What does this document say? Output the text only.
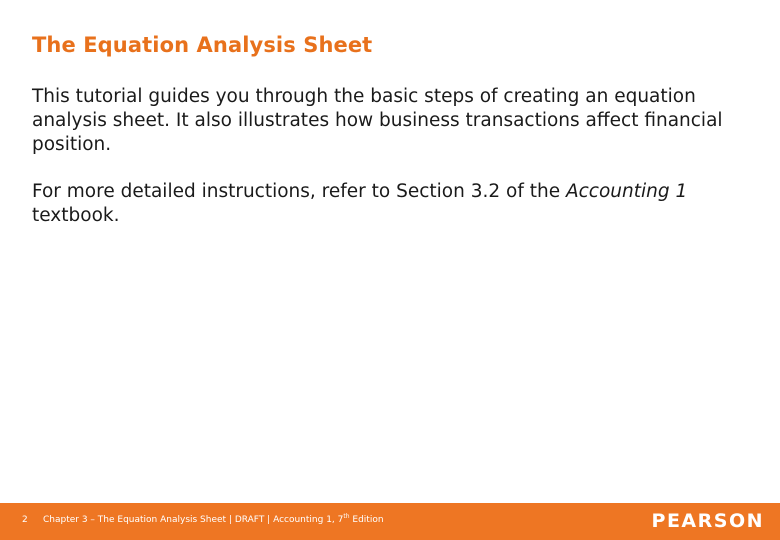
The Equation Analysis Sheet

This tutorial guides you through the basic steps of creating an equation analysis sheet. It also illustrates how business transactions affect financial position.

For more detailed instructions, refer to Section 3.2 of the Accounting 1 textbook.

2 Chapter 3 – The Equation Analysis Sheet | DRAFT | Accounting 1, 7th Edition	PEARSON
